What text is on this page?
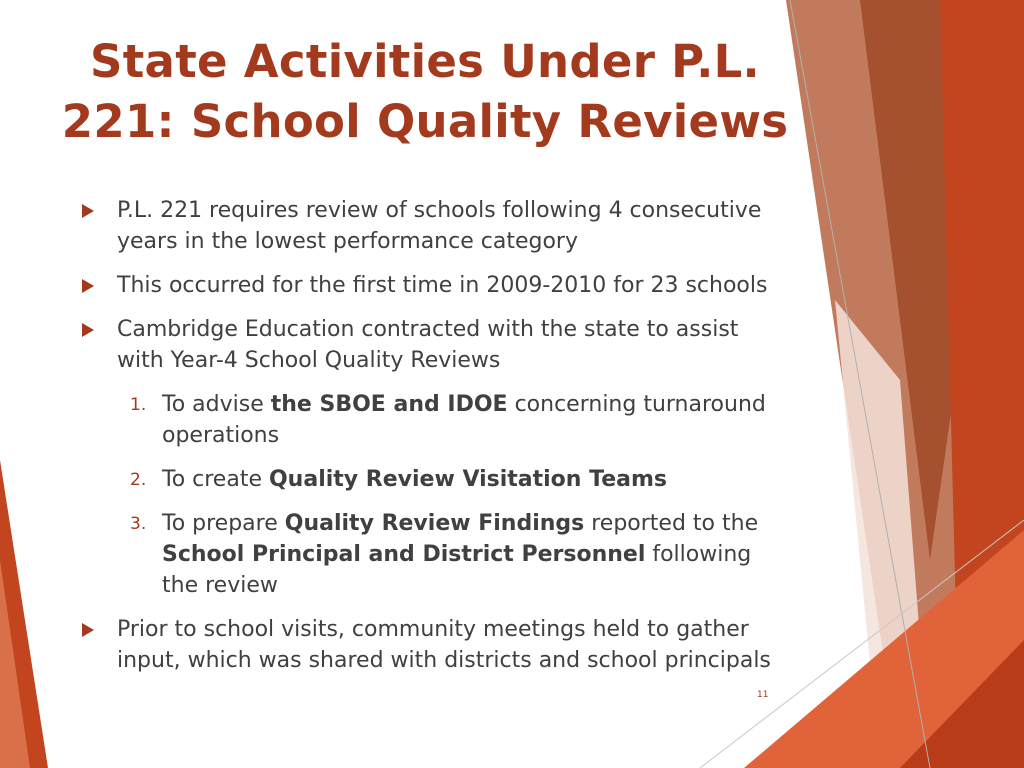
State Activities Under P.L. 221: School Quality Reviews
P.L. 221 requires review of schools following 4 consecutive years in the lowest performance category
This occurred for the first time in 2009-2010 for 23 schools
Cambridge Education contracted with the state to assist with Year-4 School Quality Reviews
1. To advise the SBOE and IDOE concerning turnaround operations
2. To create Quality Review Visitation Teams
3. To prepare Quality Review Findings reported to the School Principal and District Personnel following the review
Prior to school visits, community meetings held to gather input, which was shared with districts and school principals
11
